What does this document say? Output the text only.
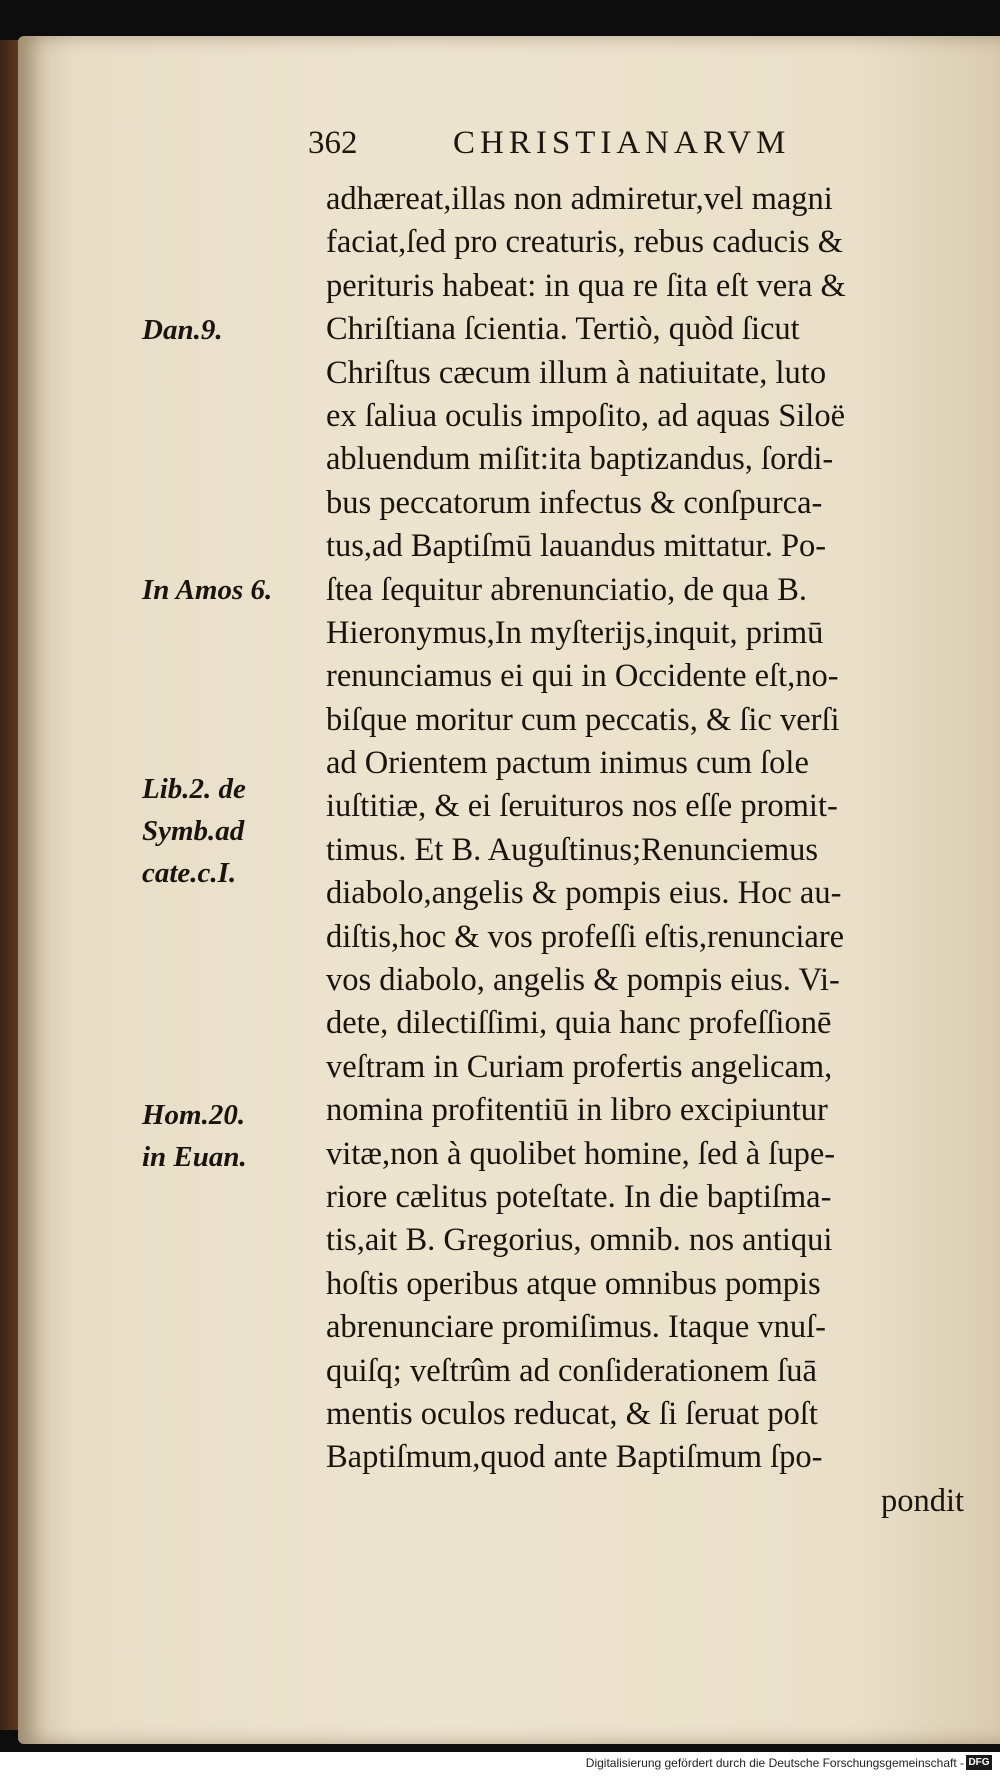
362	CHRISTIANARVM
Dan.9.
In Amos 6.
Lib.2. de
Symb.ad
cate.c.I.
Hom.20.
in Euan.
adhæreat,illas non admiretur,vel magni
faciat,ſed pro creaturis, rebus caducis &
perituris habeat: in qua re ſita eſt vera &
Chriſtiana ſcientia. Tertiò, quòd ſicut
Chriſtus cæcum illum à natiuitate, luto
ex ſaliua oculis impoſito, ad aquas Siloë
abluendum miſit:ita baptizandus, ſordi-
bus peccatorum infectus & conſpurca-
tus,ad Baptiſmū lauandus mittatur. Po-
ſtea ſequitur abrenunciatio, de qua B.
Hieronymus,In myſterijs,inquit, primū
renunciamus ei qui in Occidente eſt,no-
biſque moritur cum peccatis, & ſic verſi
ad Orientem pactum inimus cum ſole
iuſtitiæ, & ei ſeruituros nos eſſe promit-
timus. Et B. Auguſtinus;Renunciemus
diabolo,angelis & pompis eius. Hoc au-
diſtis,hoc & vos profeſſi eſtis,renunciare
vos diabolo, angelis & pompis eius. Vi-
dete, dilectiſſimi, quia hanc profeſſionē
veſtram in Curiam profertis angelicam,
nomina profitentiū in libro excipiuntur
vitæ,non à quolibet homine, ſed à ſupe-
riore cælitus poteſtate. In die baptiſma-
tis,ait B. Gregorius, omnib. nos antiqui
hoſtis operibus atque omnibus pompis
abrenunciare promiſimus. Itaque vnuſ-
quiſq; veſtrûm ad conſiderationem ſuā
mentis oculos reducat, & ſi ſeruat poſt
Baptiſmum,quod ante Baptiſmum ſpo-
pondit
Digitalisierung gefördert durch die Deutsche Forschungsgemeinschaft - DFG
